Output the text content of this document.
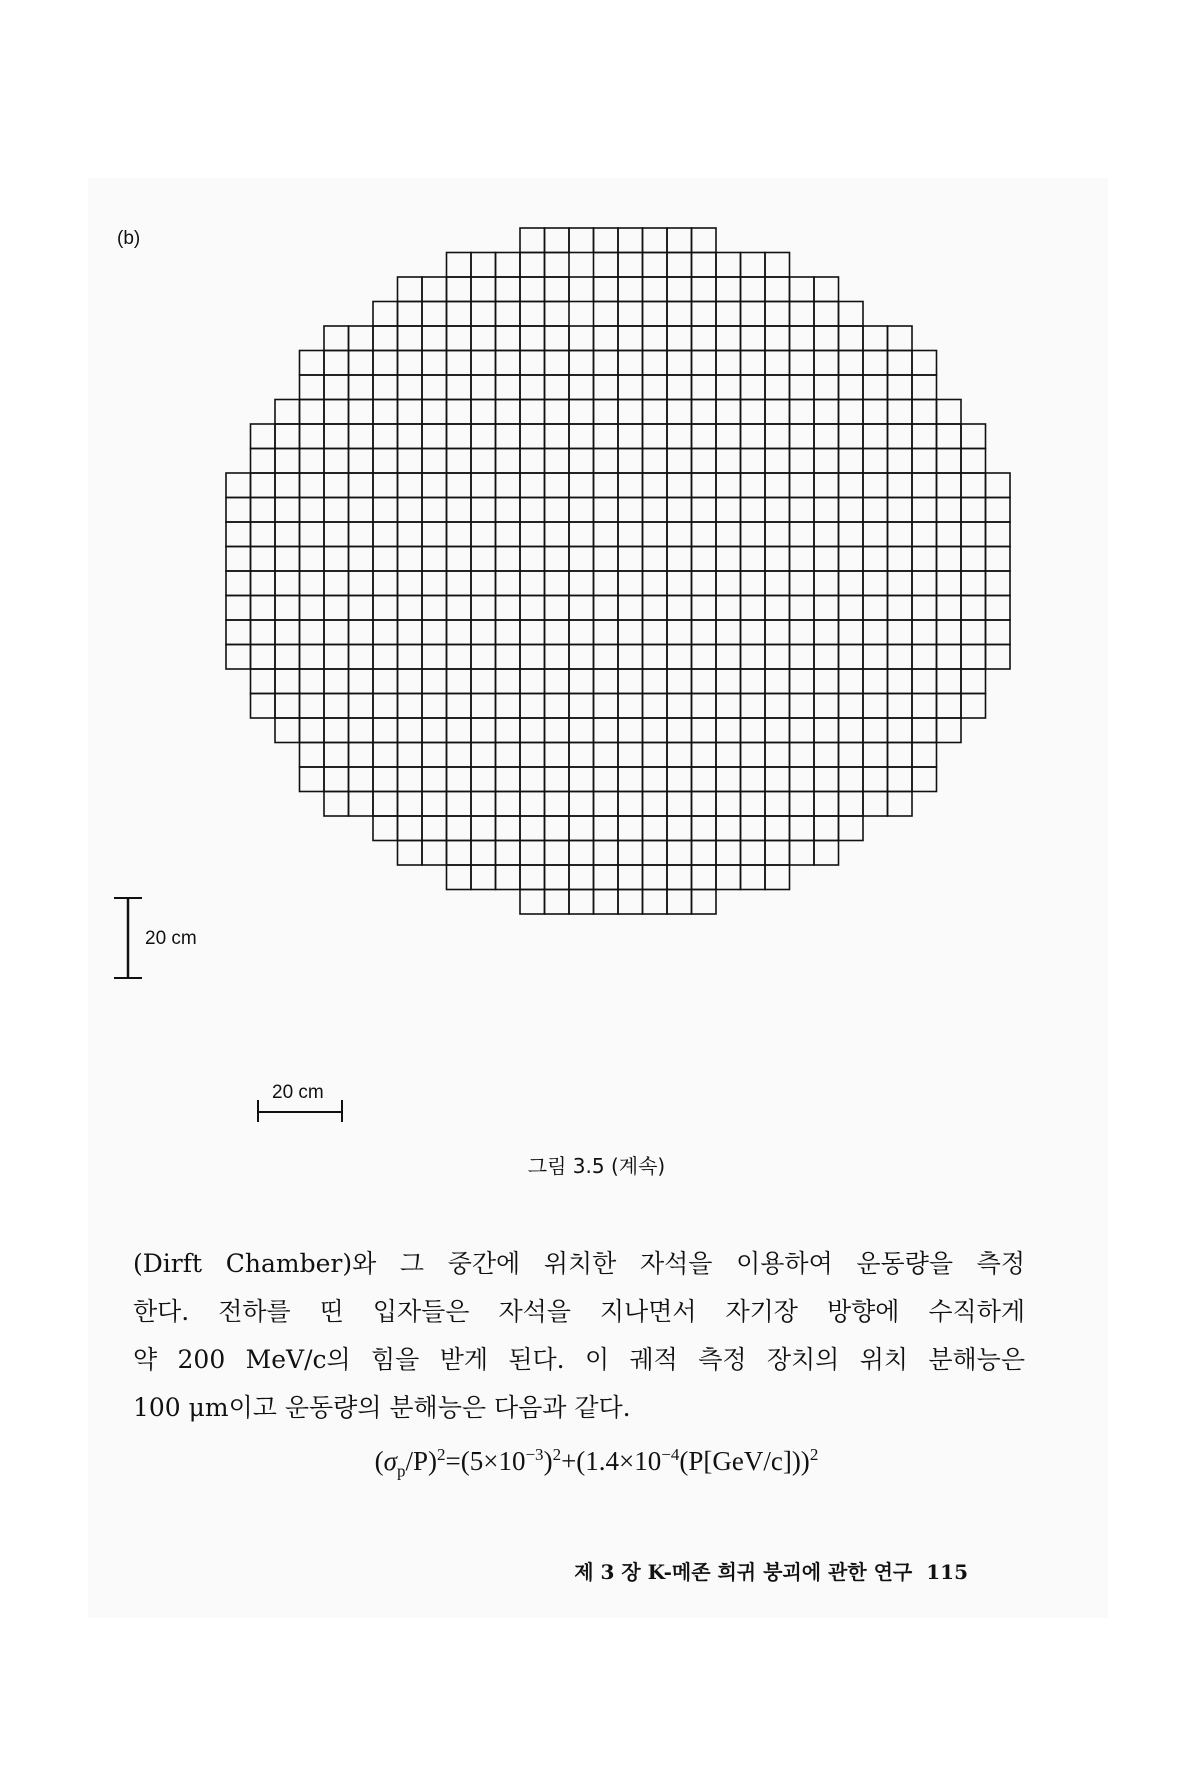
(b)
20 cm
20 cm
그림 3.5 (계속)

(Dirft Chamber)와 그 중간에 위치한 자석을 이용하여 운동량을 측정
한다. 전하를 띤 입자들은 자석을 지나면서 자기장 방향에 수직하게
약 200 MeV/c의 힘을 받게 된다. 이 궤적 측정 장치의 위치 분해능은
100 μm이고 운동량의 분해능은 다음과 같다.

$(\sigma_p/P)^2=(5\times 10^{-3})^2+(1.4\times 10^{-4}(P[GeV/c]))^2$

제 3 장 K-메존 희귀 붕괴에 관한 연구 115
